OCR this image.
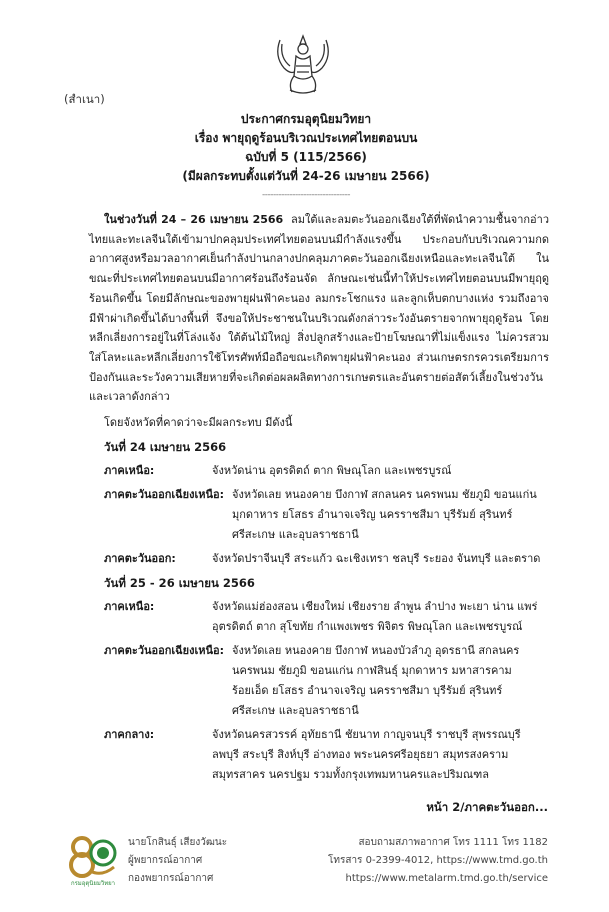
(สำเนา)
ประกาศกรมอุตุนิยมวิทยา
เรื่อง พายุฤดูร้อนบริเวณประเทศไทยตอนบน
ฉบับที่ 5 (115/2566)
(มีผลกระทบตั้งแต่วันที่ 24-26 เมษายน 2566)
--------------------------------
ในช่วงวันที่ 24 – 26 เมษายน 2566 ลมใต้และลมตะวันออกเฉียงใต้ที่พัดนำความชื้นจากอ่าวไทยและทะเลจีนใต้เข้ามาปกคลุมประเทศไทยตอนบนมีกำลังแรงขึ้น ประกอบกับบริเวณความกดอากาศสูงหรือมวลอากาศเย็นกำลังปานกลางปกคลุมภาคตะวันออกเฉียงเหนือและทะเลจีนใต้ ในขณะที่ประเทศไทยตอนบนมีอากาศร้อนถึงร้อนจัด ลักษณะเช่นนี้ทำให้ประเทศไทยตอนบนมีพายุฤดูร้อนเกิดขึ้น โดยมีลักษณะของพายุฝนฟ้าคะนอง ลมกระโชกแรง และลูกเห็บตกบางแห่ง รวมถึงอาจมีฟ้าผ่าเกิดขึ้นได้บางพื้นที่ จึงขอให้ประชาชนในบริเวณดังกล่าวระวังอันตรายจากพายุฤดูร้อน โดยหลีกเลี่ยงการอยู่ในที่โล่งแจ้ง ใต้ต้นไม้ใหญ่ สิ่งปลูกสร้างและป้ายโฆษณาที่ไม่แข็งแรง ไม่ควรสวมใส่โลหะและหลีกเลี่ยงการใช้โทรศัพท์มือถือขณะเกิดพายุฝนฟ้าคะนอง ส่วนเกษตรกรควรเตรียมการป้องกันและระวังความเสียหายที่จะเกิดต่อผลผลิตทางการเกษตรและอันตรายต่อสัตว์เลี้ยงในช่วงวันและเวลาดังกล่าว
โดยจังหวัดที่คาดว่าจะมีผลกระทบ มีดังนี้
วันที่ 24 เมษายน 2566
ภาคเหนือ:	จังหวัดน่าน อุตรดิตถ์ ตาก พิษณุโลก และเพชรบูรณ์
ภาคตะวันออกเฉียงเหนือ: จังหวัดเลย หนองคาย บึงกาฬ สกลนคร นครพนม ชัยภูมิ ขอนแก่น มุกดาหาร ยโสธร อำนาจเจริญ นครราชสีมา บุรีรัมย์ สุรินทร์ ศรีสะเกษ และอุบลราชธานี
ภาคตะวันออก:	จังหวัดปราจีนบุรี สระแก้ว ฉะเชิงเทรา ชลบุรี ระยอง จันทบุรี และตราด
วันที่ 25 - 26 เมษายน 2566
ภาคเหนือ:	จังหวัดแม่ฮ่องสอน เชียงใหม่ เชียงราย ลำพูน ลำปาง พะเยา น่าน แพร่ อุตรดิตถ์ ตาก สุโขทัย กำแพงเพชร พิจิตร พิษณุโลก และเพชรบูรณ์
ภาคตะวันออกเฉียงเหนือ: จังหวัดเลย หนองคาย บึงกาฬ หนองบัวลำภู อุดรธานี สกลนคร นครพนม ชัยภูมิ ขอนแก่น กาฬสินธุ์ มุกดาหาร มหาสารคาม ร้อยเอ็ด ยโสธร อำนาจเจริญ นครราชสีมา บุรีรัมย์ สุรินทร์ ศรีสะเกษ และอุบลราชธานี
ภาคกลาง:	จังหวัดนครสวรรค์ อุทัยธานี ชัยนาท กาญจนบุรี ราชบุรี สุพรรณบุรี ลพบุรี สระบุรี สิงห์บุรี อ่างทอง พระนครศรีอยุธยา สมุทรสงคราม สมุทรสาคร นครปฐม รวมทั้งกรุงเทพมหานครและปริมณฑล
หน้า 2/ภาคตะวันออก...
กรมอุตุนิยมวิทยา
นายโกสินธุ์ เสียงวัฒนะ
ผู้พยากรณ์อากาศ
กองพยากรณ์อากาศ
สอบถามสภาพอากาศ โทร 1111 โทร 1182
โทรสาร 0-2399-4012, https://www.tmd.go.th
https://www.metalarm.tmd.go.th/service
